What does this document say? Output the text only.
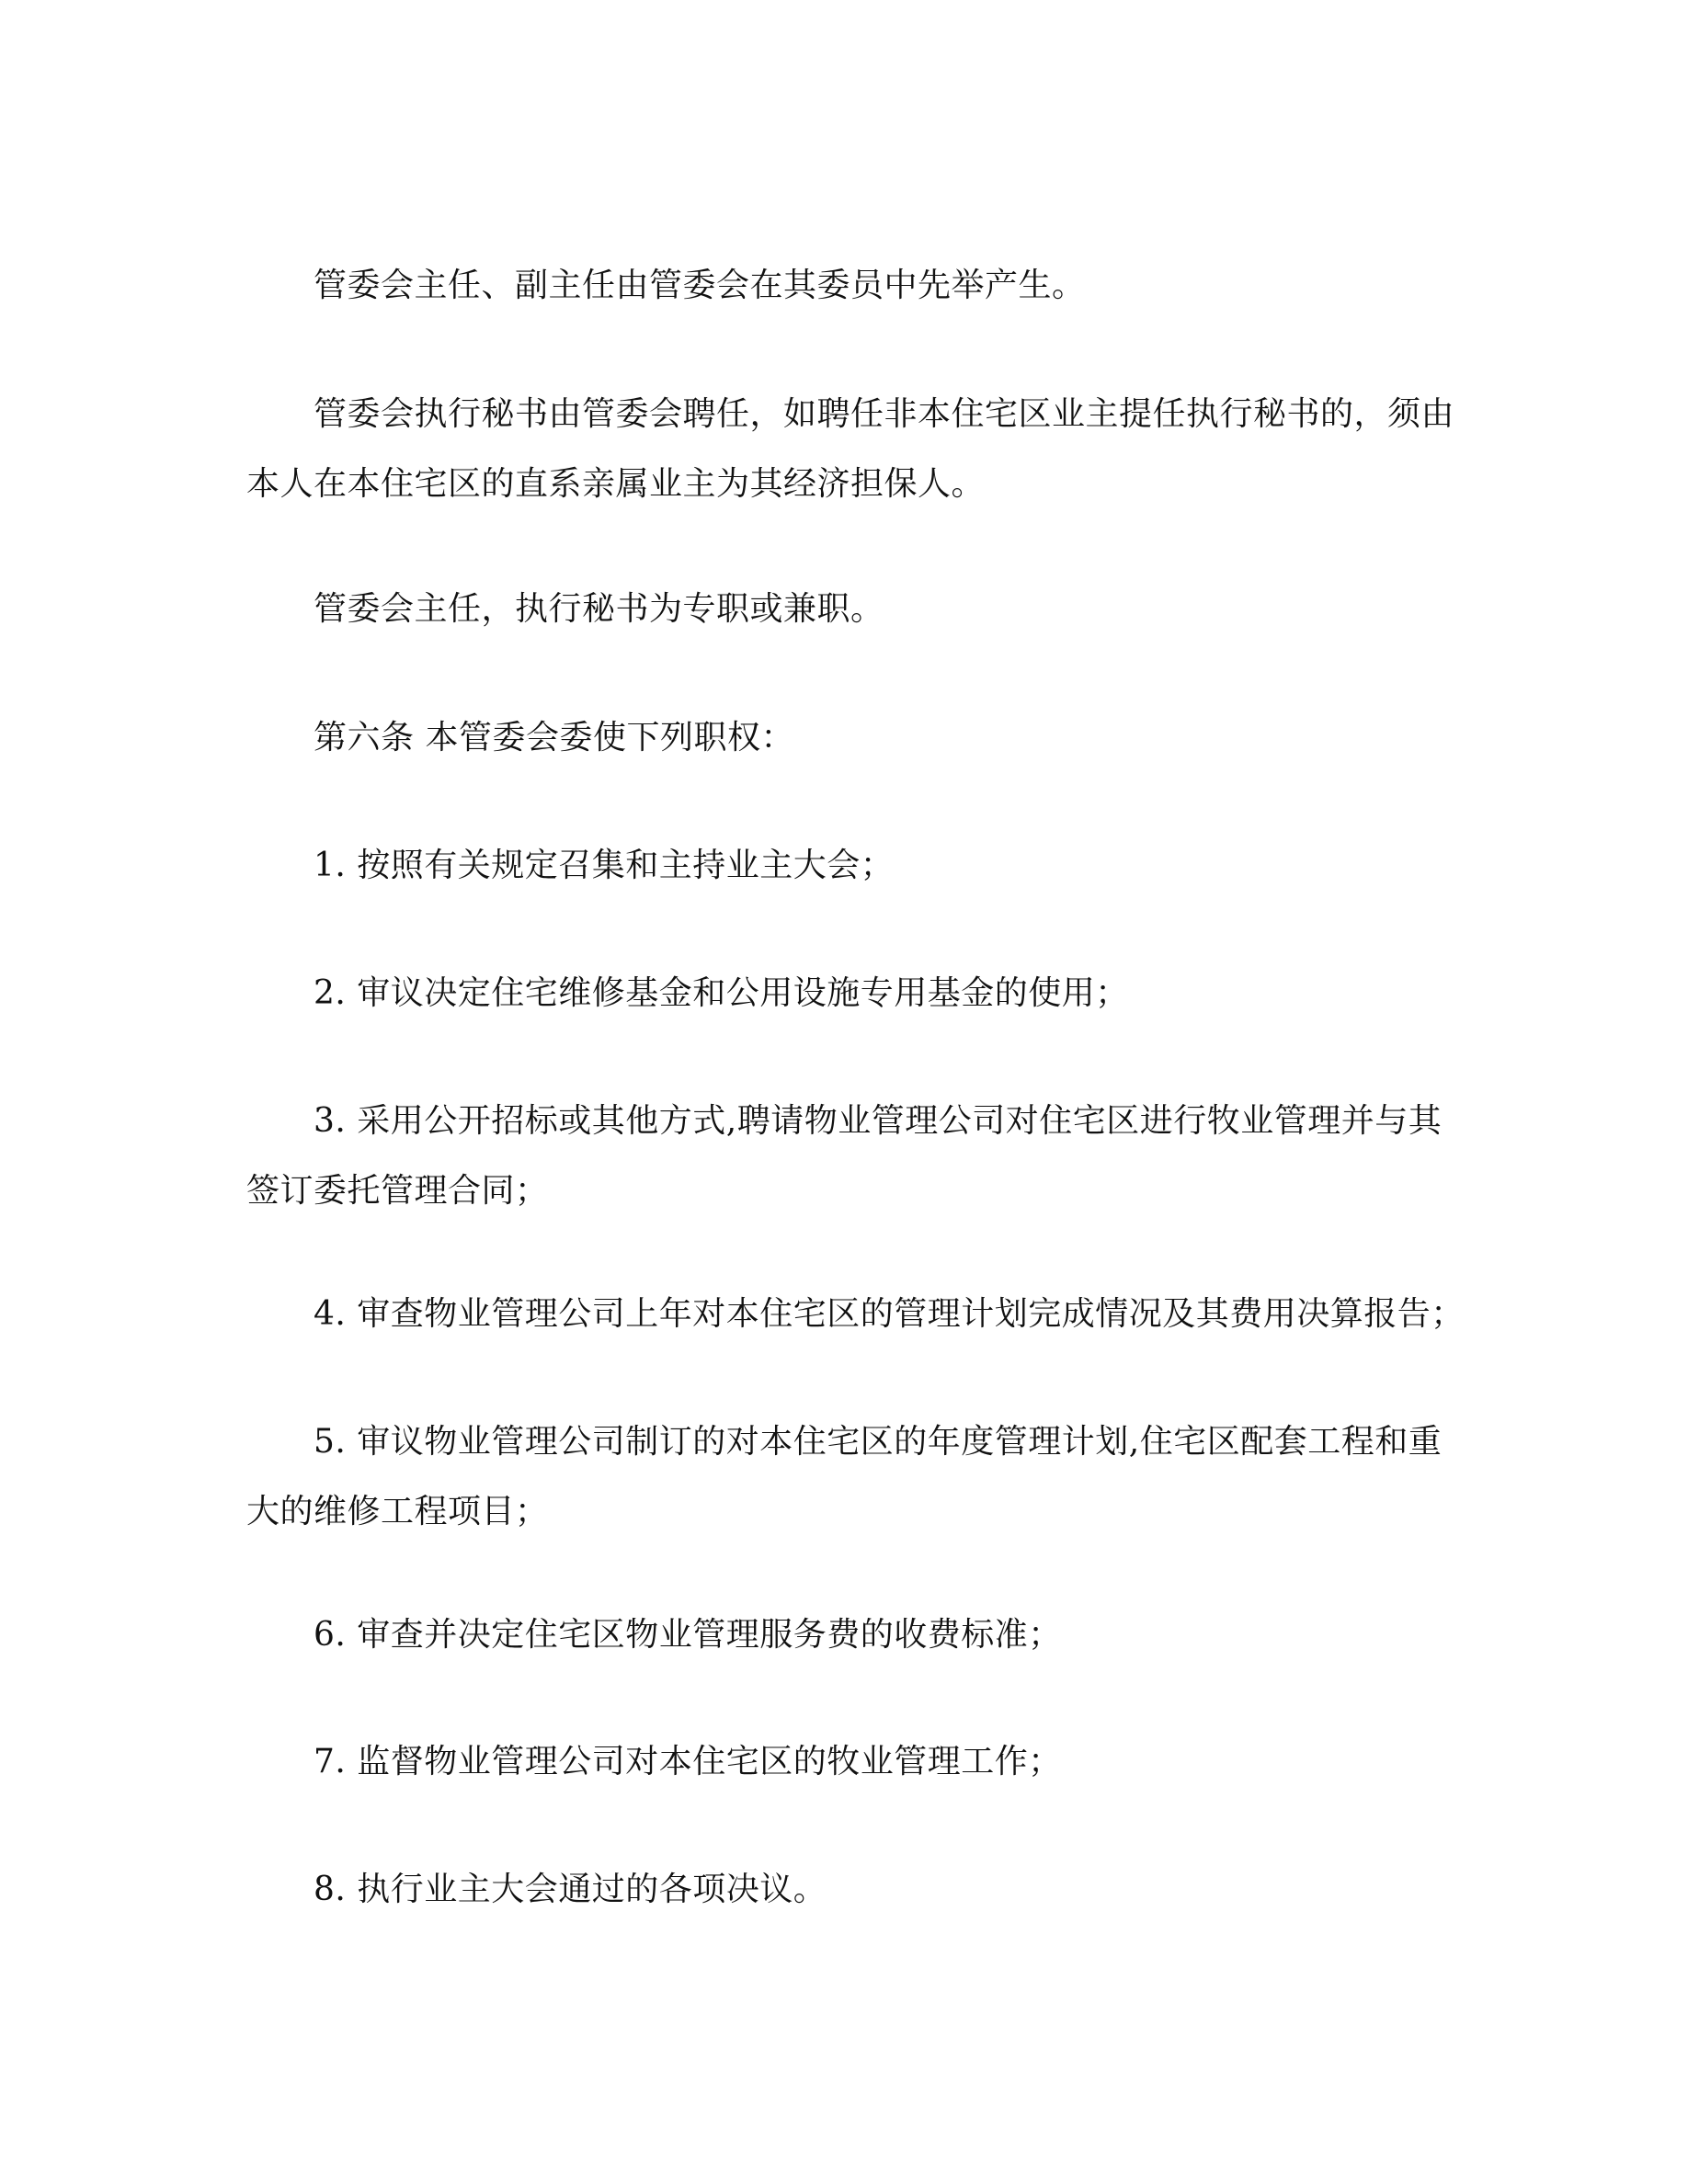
管委会主任、副主任由管委会在其委员中先举产生。

管委会执行秘书由管委会聘任，如聘任非本住宅区业主提任执行秘书的，须由
本人在本住宅区的直系亲属业主为其经济担保人。

管委会主任，执行秘书为专职或兼职。

第六条 本管委会委使下列职权：

1. 按照有关规定召集和主持业主大会；

2. 审议决定住宅维修基金和公用设施专用基金的使用；

3. 采用公开招标或其他方式,聘请物业管理公司对住宅区进行牧业管理并与其
签订委托管理合同；

4. 审查物业管理公司上年对本住宅区的管理计划完成情况及其费用决算报告；

5. 审议物业管理公司制订的对本住宅区的年度管理计划,住宅区配套工程和重
大的维修工程项目；

6. 审查并决定住宅区物业管理服务费的收费标准；

7. 监督物业管理公司对本住宅区的牧业管理工作；

8. 执行业主大会通过的各项决议。
